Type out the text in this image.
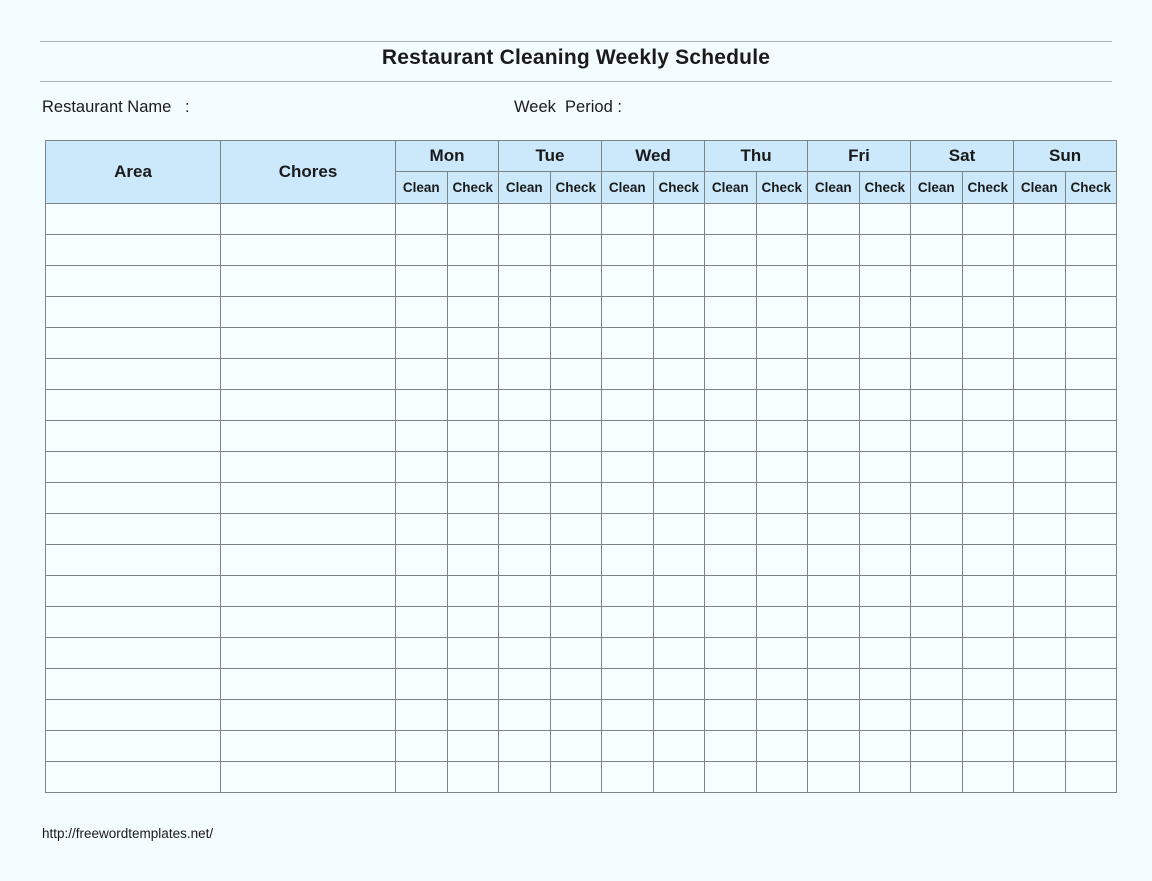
Restaurant Cleaning Weekly Schedule
Restaurant Name   :	Week  Period :
Area	Chores	Mon		Tue		Wed		Thu		Fri		Sat		Sun	
		Clean	Check	Clean	Check	Clean	Check	Clean	Check	Clean	Check	Clean	Check	Clean	Check

http://freewordtemplates.net/
